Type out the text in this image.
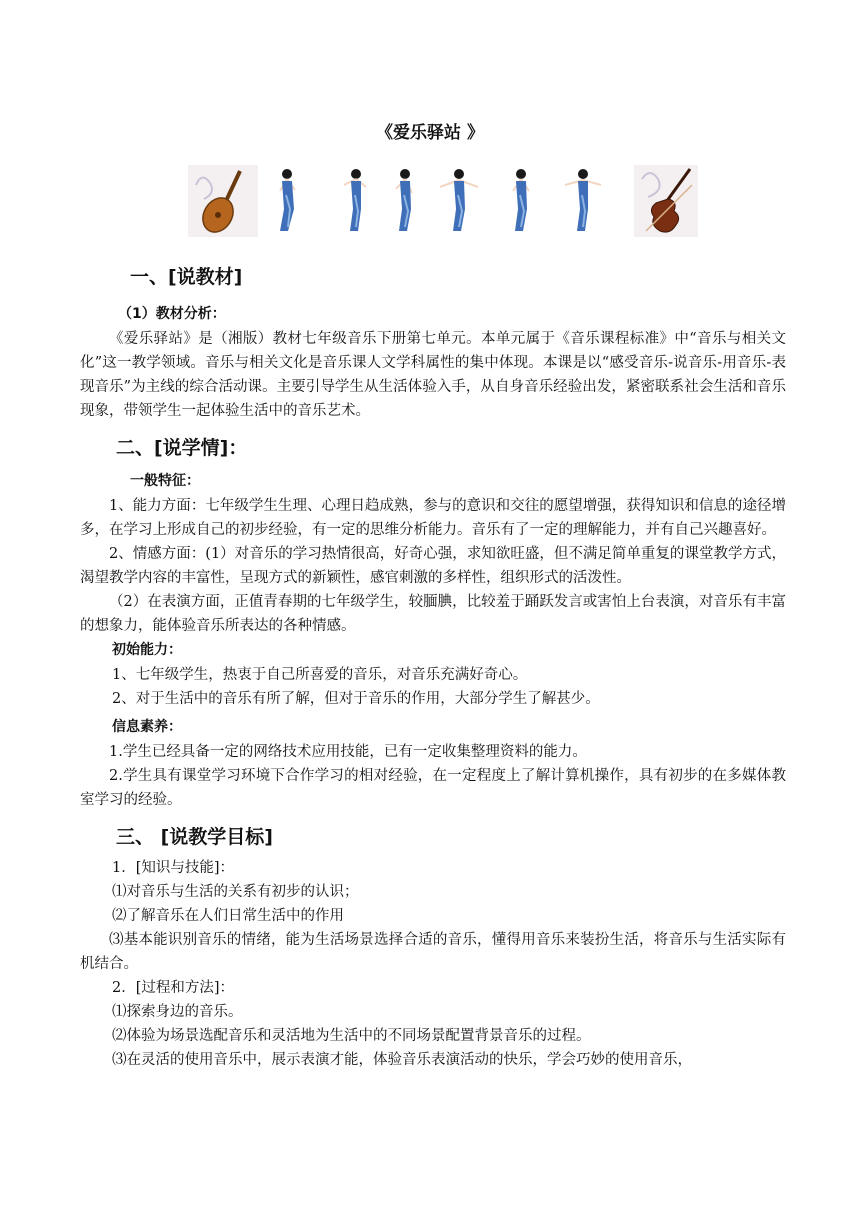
《爱乐驿站 》
一、[说教材]
（1）教材分析：

《爱乐驿站》是（湘版）教材七年级音乐下册第七单元。本单元属于《音乐课程标准》中“音乐与相关文化”这一教学领域。音乐与相关文化是音乐课人文学科属性的集中体现。本课是以“感受音乐-说音乐-用音乐-表现音乐”为主线的综合活动课。主要引导学生从生活体验入手，从自身音乐经验出发，紧密联系社会生活和音乐现象，带领学生一起体验生活中的音乐艺术。

二、[说学情]：
一般特征：

1、能力方面：七年级学生生理、心理日趋成熟，参与的意识和交往的愿望增强，获得知识和信息的途径增多，在学习上形成自己的初步经验，有一定的思维分析能力。音乐有了一定的理解能力，并有自己兴趣喜好。

2、情感方面：(1）对音乐的学习热情很高，好奇心强，求知欲旺盛，但不满足简单重复的课堂教学方式，渴望教学内容的丰富性，呈现方式的新颖性，感官刺激的多样性，组织形式的活泼性。

（2）在表演方面，正值青春期的七年级学生，较腼腆，比较羞于踊跃发言或害怕上台表演，对音乐有丰富的想象力，能体验音乐所表达的各种情感。

初始能力：
1、七年级学生，热衷于自己所喜爱的音乐，对音乐充满好奇心。
2、对于生活中的音乐有所了解，但对于音乐的作用，大部分学生了解甚少。
信息素养：

1.学生已经具备一定的网络技术应用技能，已有一定收集整理资料的能力。

2.学生具有课堂学习环境下合作学习的相对经验，在一定程度上了解计算机操作，具有初步的在多媒体教室学习的经验。

三、 [说教学目标]
1．[知识与技能]：
⑴对音乐与生活的关系有初步的认识；
⑵了解音乐在人们日常生活中的作用

⑶基本能识别音乐的情绪，能为生活场景选择合适的音乐，懂得用音乐来装扮生活，将音乐与生活实际有机结合。

2．[过程和方法]：
⑴探索身边的音乐。
⑵体验为场景选配音乐和灵活地为生活中的不同场景配置背景音乐的过程。
⑶在灵活的使用音乐中，展示表演才能，体验音乐表演活动的快乐，学会巧妙的使用音乐，
